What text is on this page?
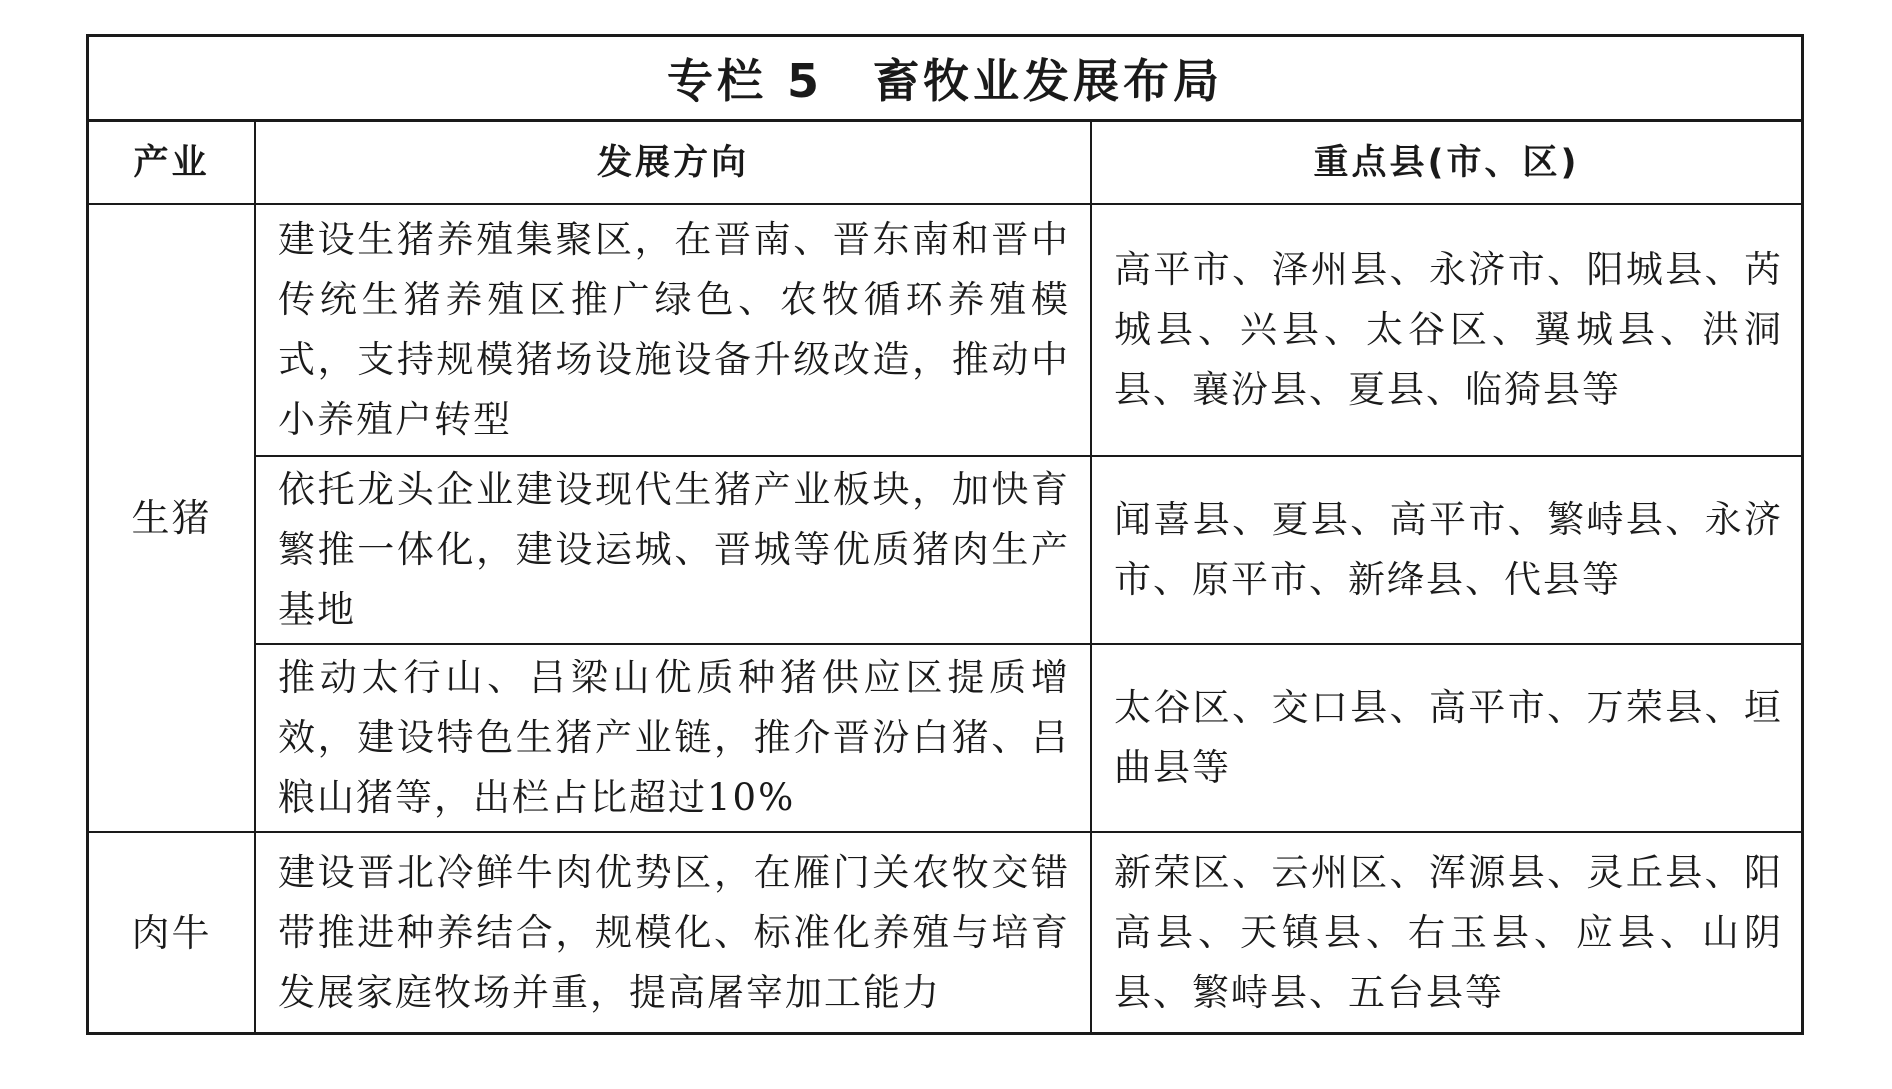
专栏 5　畜牧业发展布局
产业	发展方向	重点县(市、区)
生猪	建设生猪养殖集聚区，在晋南、晋东南和晋中传统生猪养殖区推广绿色、农牧循环养殖模式，支持规模猪场设施设备升级改造，推动中小养殖户转型	高平市、泽州县、永济市、阳城县、芮城县、兴县、太谷区、翼城县、洪洞县、襄汾县、夏县、临猗县等
	依托龙头企业建设现代生猪产业板块，加快育繁推一体化，建设运城、晋城等优质猪肉生产基地	闻喜县、夏县、高平市、繁峙县、永济市、原平市、新绛县、代县等
	推动太行山、吕梁山优质种猪供应区提质增效，建设特色生猪产业链，推介晋汾白猪、吕粮山猪等，出栏占比超过10%	太谷区、交口县、高平市、万荣县、垣曲县等
肉牛	建设晋北冷鲜牛肉优势区，在雁门关农牧交错带推进种养结合，规模化、标准化养殖与培育发展家庭牧场并重，提高屠宰加工能力	新荣区、云州区、浑源县、灵丘县、阳高县、天镇县、右玉县、应县、山阴县、繁峙县、五台县等
